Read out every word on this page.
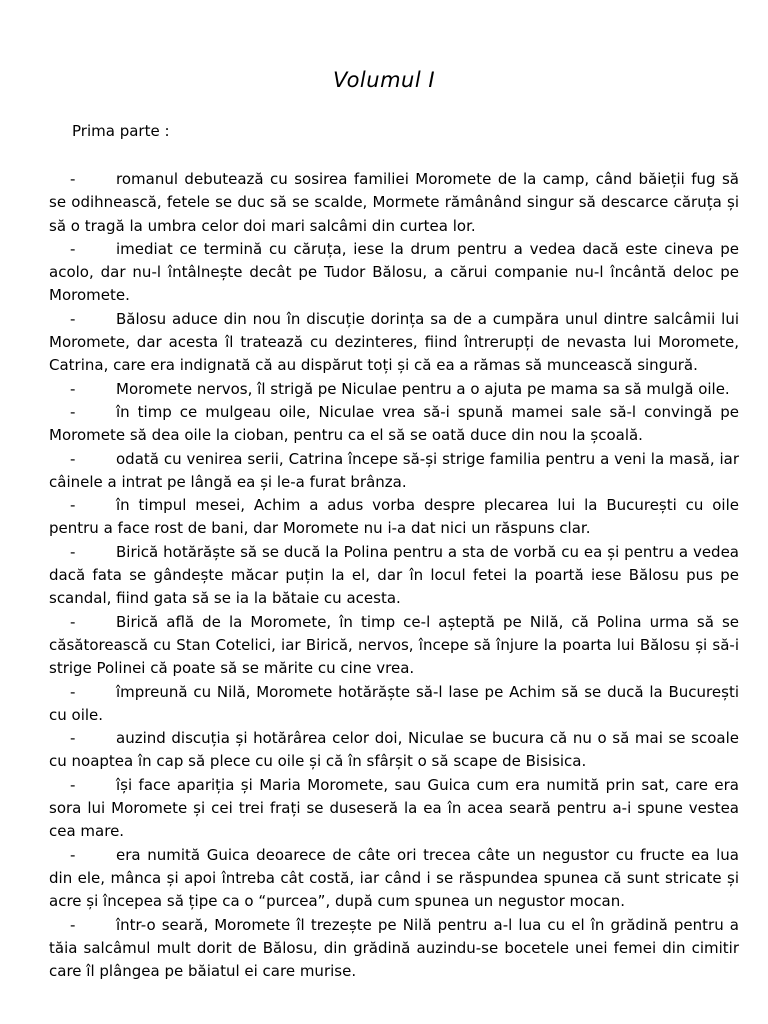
Volumul I
Prima parte :

-	romanul debutează cu sosirea familiei Moromete de la camp, când băieții fug să se odihnească, fetele se duc să se scalde, Mormete rămânând singur să descarce căruța și să o tragă la umbra celor doi mari salcâmi din curtea lor.

-	imediat ce termină cu căruța, iese la drum pentru a vedea dacă este cineva pe acolo, dar nu-l întâlnește decât pe Tudor Bălosu, a cărui companie nu-l încântă deloc pe Moromete.

-	Bălosu aduce din nou în discuție dorința sa de a cumpăra unul dintre salcâmii lui Moromete, dar acesta îl tratează cu dezinteres, fiind întrerupți de nevasta lui Moromete, Catrina, care era indignată că au dispărut toți și că ea a rămas să muncească singură.

-	Moromete nervos, îl strigă pe Niculae pentru a o ajuta pe mama sa să mulgă oile.

-	în timp ce mulgeau oile, Niculae vrea să-i spună mamei sale să-l convingă pe Moromete să dea oile la cioban, pentru ca el să se oată duce din nou la școală.

-	odată cu venirea serii, Catrina începe să-și strige familia pentru a veni la masă, iar câinele a intrat pe lângă ea și le-a furat brânza.

-	în timpul mesei, Achim a adus vorba despre plecarea lui la București cu oile pentru a face rost de bani, dar Moromete nu i-a dat nici un răspuns clar.

-	Birică hotărăște să se ducă la Polina pentru a sta de vorbă cu ea și pentru a vedea dacă fata se gândește măcar puțin la el, dar în locul fetei la poartă iese Bălosu pus pe scandal, fiind gata să se ia la bătaie cu acesta.

-	Birică află de la Moromete, în timp ce-l așteptă pe Nilă, că Polina urma să se căsătorească cu Stan Cotelici, iar Birică, nervos, începe să înjure la poarta lui Bălosu și să-i strige Polinei că poate să se mărite cu cine vrea.

-	împreună cu Nilă, Moromete hotărăște să-l lase pe Achim să se ducă la București cu oile.

-	auzind discuția și hotărârea celor doi, Niculae se bucura că nu o să mai se scoale cu noaptea în cap să plece cu oile și că în sfârșit o să scape de Bisisica.

-	își face apariția și Maria Moromete, sau Guica cum era numită prin sat, care era sora lui Moromete și cei trei frați se duseseră la ea în acea seară pentru a-i spune vestea cea mare.

-	era numită Guica deoarece de câte ori trecea câte un negustor cu fructe ea lua din ele, mânca și apoi întreba cât costă, iar când i se răspundea spunea că sunt stricate și acre și începea să țipe ca o “purcea”, după cum spunea un negustor mocan.

-	într-o seară, Moromete îl trezește pe Nilă pentru a-l lua cu el în grădină pentru a tăia salcâmul mult dorit de Bălosu, din grădină auzindu-se bocetele unei femei din cimitir care îl plângea pe băiatul ei care murise.
